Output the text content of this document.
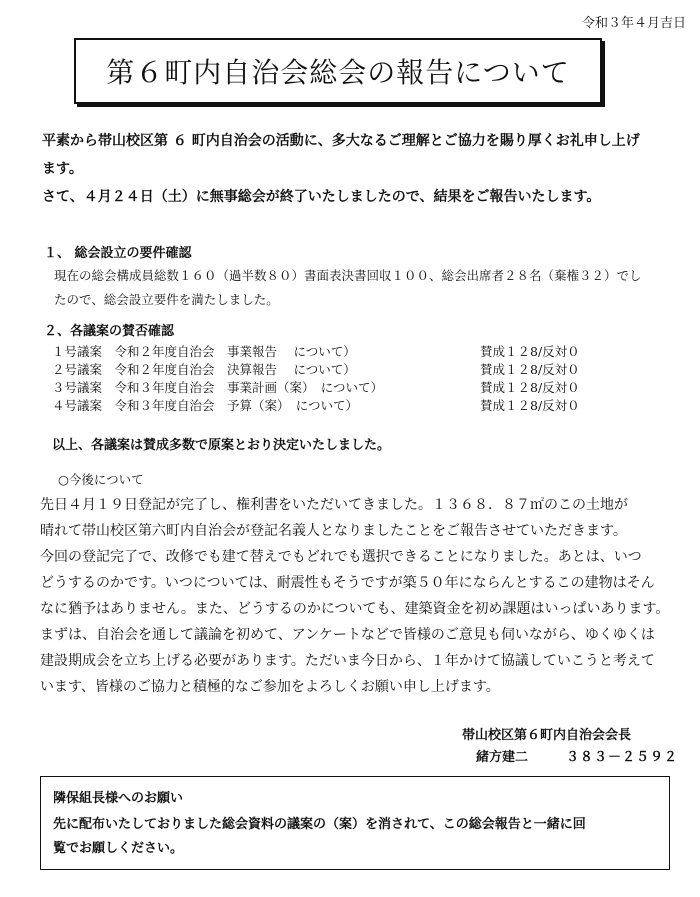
令和３年４月吉日
第６町内自治会総会の報告について
平素から帯山校区第 ６ 町内自治会の活動に、多大なるご理解とご協力を賜り厚くお礼申し上げ
ます。
さて、４月２４日（土）に無事総会が終了いたしましたので、結果をご報告いたします。
１、 総会設立の要件確認
現在の総会構成員総数１６０（過半数８０）書面表決書回収１００、総会出席者２８名（棄権３２）でし
たので、総会設立要件を満たしました。
２、各議案の賛否確認
１号議案　令和２年度自治会　事業報告　 について）	賛成１２8/反対０
２号議案　令和２年度自治会　決算報告　 について）	賛成１２8/反対０
３号議案　令和３年度自治会　事業計画（案）　について）	賛成１２8/反対０
４号議案　令和３年度自治会　予算（案）　について）	賛成１２8/反対０
以上、各議案は賛成多数で原案とおり決定いたしました。
○今後について
先日４月１９日登記が完了し、権利書をいただいてきました。１３６８．８７㎡のこの土地が
晴れて帯山校区第六町内自治会が登記名義人となりましたことをご報告させていただきます。
今回の登記完了で、改修でも建て替えでもどれでも選択できることになりました。あとは、いつ
どうするのかです。いつについては、耐震性もそうですが築５０年にならんとするこの建物はそん
なに猶予はありません。また、どうするのかについても、建築資金を初め課題はいっぱいあります。
まずは、自治会を通して議論を初めて、アンケートなどで皆様のご意見も伺いながら、ゆくゆくは
建設期成会を立ち上げる必要があります。ただいま今日から、１年かけて協議していこうと考えて
います、皆様のご協力と積極的なご参加をよろしくお願い申し上げます。
帯山校区第６町内自治会会長
緒方建二	３８３－２５９２
隣保組長様へのお願い
先に配布いたしておりました総会資料の議案の（案）を消されて、この総会報告と一緒に回
覧でお願しください。
